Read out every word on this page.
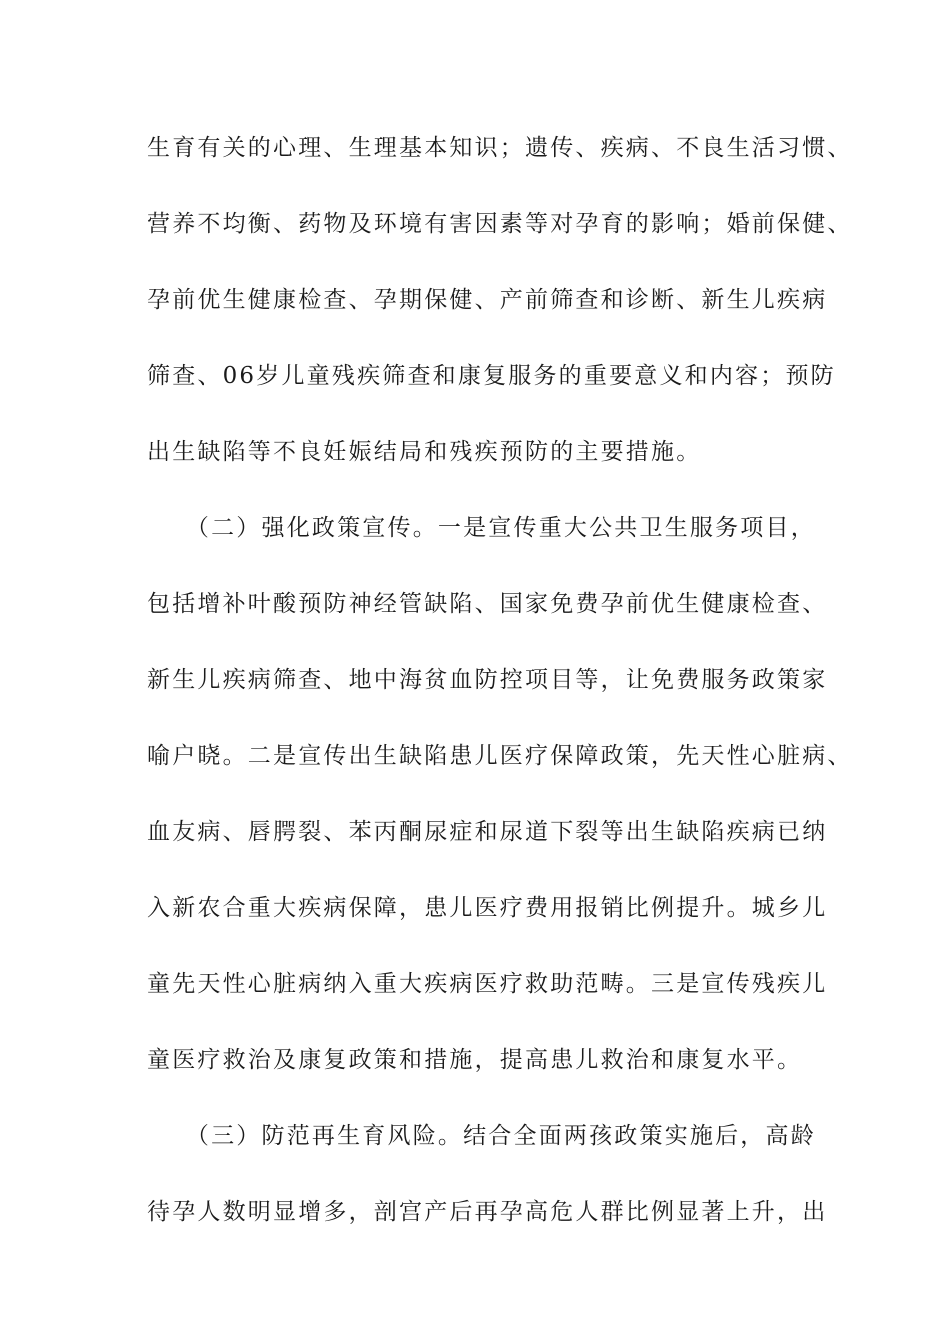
生育有关的心理、生理基本知识；遗传、疾病、不良生活习惯、
营养不均衡、药物及环境有害因素等对孕育的影响；婚前保健、
孕前优生健康检查、孕期保健、产前筛查和诊断、新生儿疾病
筛查、06岁儿童残疾筛查和康复服务的重要意义和内容；预防
出生缺陷等不良妊娠结局和残疾预防的主要措施。
　　（二）强化政策宣传。一是宣传重大公共卫生服务项目，
包括增补叶酸预防神经管缺陷、国家免费孕前优生健康检查、
新生儿疾病筛查、地中海贫血防控项目等，让免费服务政策家
喻户晓。二是宣传出生缺陷患儿医疗保障政策，先天性心脏病、
血友病、唇腭裂、苯丙酮尿症和尿道下裂等出生缺陷疾病已纳
入新农合重大疾病保障，患儿医疗费用报销比例提升。城乡儿
童先天性心脏病纳入重大疾病医疗救助范畴。三是宣传残疾儿
童医疗救治及康复政策和措施，提高患儿救治和康复水平。
　　（三）防范再生育风险。结合全面两孩政策实施后，高龄
待孕人数明显增多，剖宫产后再孕高危人群比例显著上升，出
